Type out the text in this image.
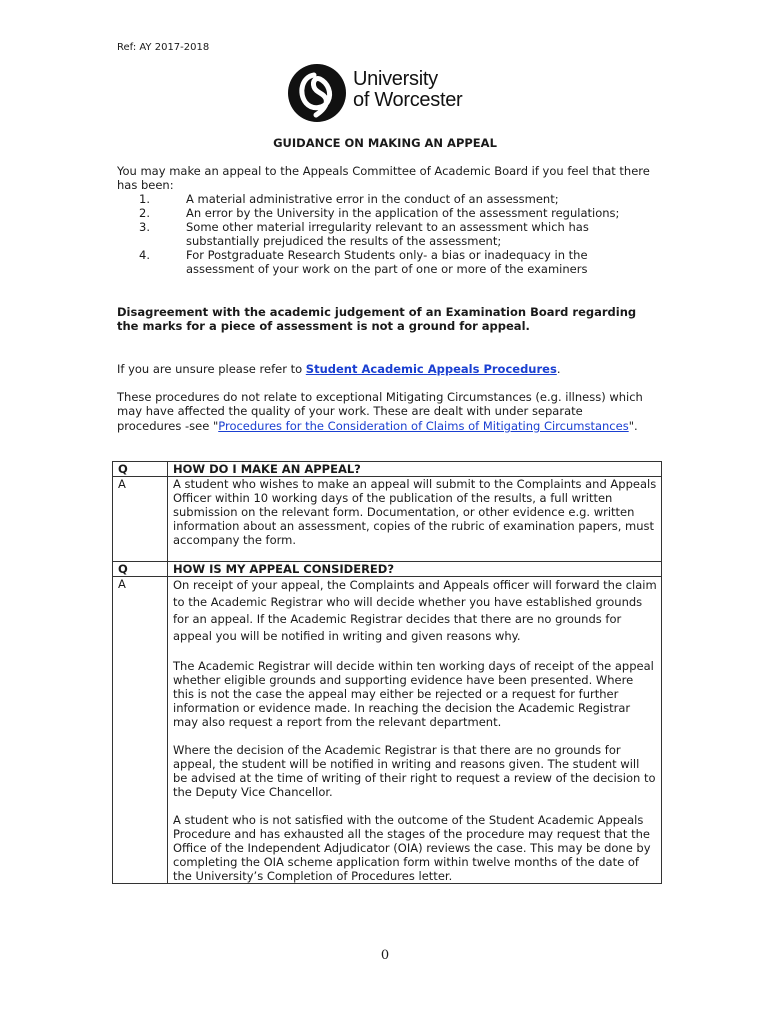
Ref: AY 2017-2018
University
of Worcester
GUIDANCE ON MAKING AN APPEAL
You may make an appeal to the Appeals Committee of Academic Board if you feel that there has been:
1.	A material administrative error in the conduct of an assessment;
2.	An error by the University in the application of the assessment regulations;
3.	Some other material irregularity relevant to an assessment which has substantially prejudiced the results of the assessment;
4.	For Postgraduate Research Students only- a bias or inadequacy in the assessment of your work on the part of one or more of the examiners
Disagreement with the academic judgement of an Examination Board regarding the marks for a piece of assessment is not a ground for appeal.
If you are unsure please refer to Student Academic Appeals Procedures.
These procedures do not relate to exceptional Mitigating Circumstances (e.g. illness) which may have affected the quality of your work. These are dealt with under separate procedures -see "Procedures for the Consideration of Claims of Mitigating Circumstances".
Q	HOW DO I MAKE AN APPEAL?
A	A student who wishes to make an appeal will submit to the Complaints and Appeals Officer within 10 working days of the publication of the results, a full written submission on the relevant form. Documentation, or other evidence e.g. written information about an assessment, copies of the rubric of examination papers, must accompany the form.

Q	HOW IS MY APPEAL CONSIDERED?
A	On receipt of your appeal, the Complaints and Appeals officer will forward the claim to the Academic Registrar who will decide whether you have established grounds for an appeal. If the Academic Registrar decides that there are no grounds for appeal you will be notified in writing and given reasons why.

The Academic Registrar will decide within ten working days of receipt of the appeal whether eligible grounds and supporting evidence have been presented. Where this is not the case the appeal may either be rejected or a request for further information or evidence made. In reaching the decision the Academic Registrar may also request a report from the relevant department.

Where the decision of the Academic Registrar is that there are no grounds for appeal, the student will be notified in writing and reasons given. The student will be advised at the time of writing of their right to request a review of the decision to the Deputy Vice Chancellor.

A student who is not satisfied with the outcome of the Student Academic Appeals Procedure and has exhausted all the stages of the procedure may request that the Office of the Independent Adjudicator (OIA) reviews the case. This may be done by completing the OIA scheme application form within twelve months of the date of the University’s Completion of Procedures letter.

0
